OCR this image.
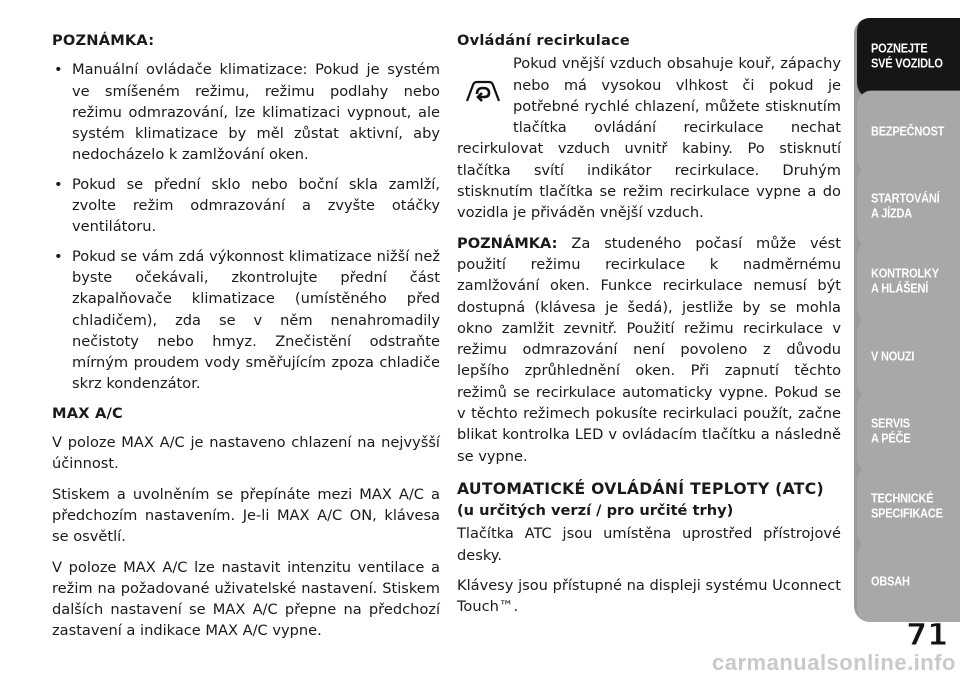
POZNÁMKA:
• Manuální ovládače klimatizace: Pokud je systém ve smíšeném režimu, režimu podlahy nebo režimu odmrazování, lze klimatizaci vypnout, ale systém klimatizace by měl zůstat aktivní, aby nedocházelo k zamlžování oken.
• Pokud se přední sklo nebo boční skla zamlží, zvolte režim odmrazování a zvyšte otáčky ventilátoru.
• Pokud se vám zdá výkonnost klimatizace nižší než byste očekávali, zkontrolujte přední část zkapalňovače klimatizace (umístěného před chladičem), zda se v něm nenahromadily nečistoty nebo hmyz. Znečistění odstraňte mírným proudem vody směřujícím zpoza chladiče skrz kondenzátor.
MAX A/C

V poloze MAX A/C je nastaveno chlazení na nejvyšší účinnost.

Stiskem a uvolněním se přepínáte mezi MAX A/C a předchozím nastavením. Je-li MAX A/C ON, klávesa se osvětlí.

V poloze MAX A/C lze nastavit intenzitu ventilace a režim na požadované uživatelské nastavení. Stiskem dalších nastavení se MAX A/C přepne na předchozí zastavení a indikace MAX A/C vypne.

Ovládání recirkulace

Pokud vnější vzduch obsahuje kouř, zápachy nebo má vysokou vlhkost či pokud je potřebné rychlé chlazení, můžete stisknutím tlačítka ovládání recirkulace nechat recirkulovat vzduch uvnitř kabiny. Po stisknutí tlačítka svítí indikátor recirkulace. Druhým stisknutím tlačítka se režim recirkulace vypne a do vozidla je přiváděn vnější vzduch.

POZNÁMKA: Za studeného počasí může vést použití režimu recirkulace k nadměrnému zamlžování oken. Funkce recirkulace nemusí být dostupná (klávesa je šedá), jestliže by se mohla okno zamlžit zevnitř. Použití režimu recirkulace v režimu odmrazování není povoleno z důvodu lepšího zprůhlednění oken. Při zapnutí těchto režimů se recirkulace automaticky vypne. Pokud se v těchto režimech pokusíte recirkulaci použít, začne blikat kontrolka LED v ovládacím tlačítku a následně se vypne.

AUTOMATICKÉ OVLÁDÁNÍ TEPLOTY (ATC)
(u určitých verzí / pro určité trhy)

Tlačítka ATC jsou umístěna uprostřed přístrojové desky.

Klávesy jsou přístupné na displeji systému Uconnect Touch™.

POZNEJTE
SVÉ VOZIDLO
BEZPEČNOST
STARTOVÁNÍ
A JÍZDA
KONTROLKY
A HLÁŠENÍ
V NOUZI
SERVIS
A PÉČE
TECHNICKÉ
SPECIFIKACE
OBSAH
71
carmanualsonline.info
